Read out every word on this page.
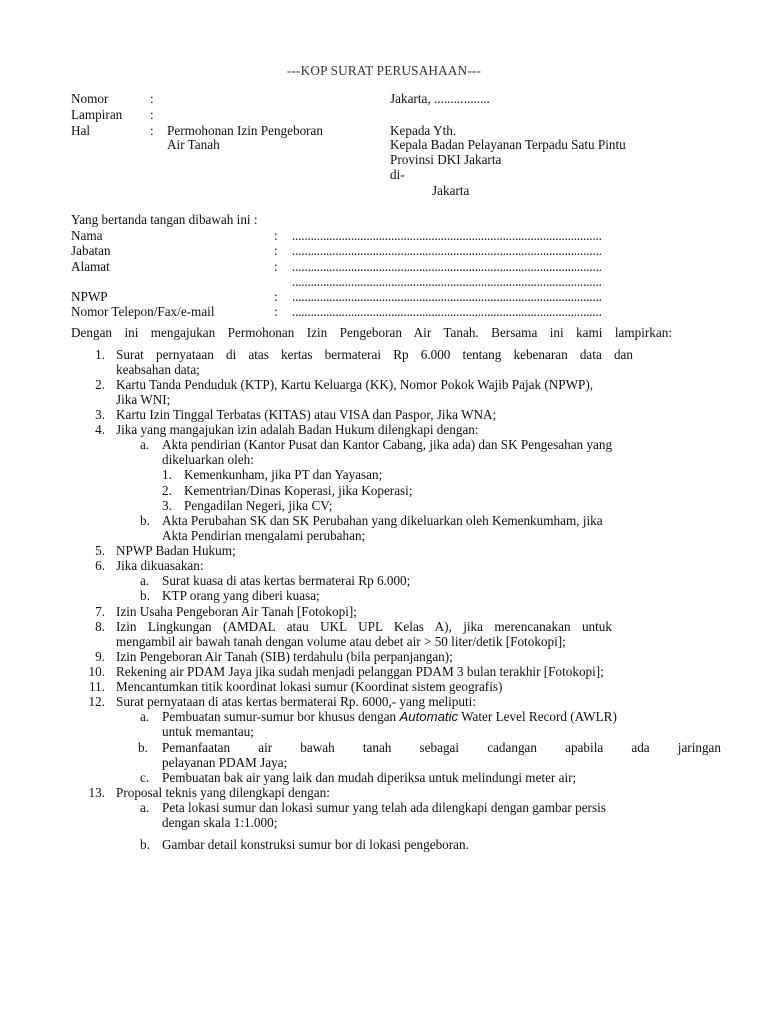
---KOP SURAT PERUSAHAAN---
Nomor	:
Lampiran :
Hal	: Permohonan Izin Pengeboran
Air Tanah
Jakarta, .................
Kepada Yth.
Kepala Badan Pelayanan Terpadu Satu Pintu
Provinsi DKI Jakarta
di-
Jakarta
Yang bertanda tangan dibawah ini :
Nama	: ....................................................................................................
Jabatan	: ....................................................................................................
Alamat	: ....................................................................................................
....................................................................................................
NPWP	: ....................................................................................................
Nomor Telepon/Fax/e-mail	: ....................................................................................................
Dengan ini mengajukan Permohonan Izin Pengeboran Air Tanah. Bersama ini kami lampirkan:
1. Surat pernyataan di atas kertas bermaterai Rp 6.000 tentang kebenaran data dan
keabsahan data;
2. Kartu Tanda Penduduk (KTP), Kartu Keluarga (KK), Nomor Pokok Wajib Pajak (NPWP),
Jika WNI;
3. Kartu Izin Tinggal Terbatas (KITAS) atau VISA dan Paspor, Jika WNA;
4. Jika yang mangajukan izin adalah Badan Hukum dilengkapi dengan:
a. Akta pendirian (Kantor Pusat dan Kantor Cabang, jika ada) dan SK Pengesahan yang
dikeluarkan oleh:
1. Kemenkunham, jika PT dan Yayasan;
2. Kementrian/Dinas Koperasi, jika Koperasi;
3. Pengadilan Negeri, jika CV;
b. Akta Perubahan SK dan SK Perubahan yang dikeluarkan oleh Kemenkumham, jika
Akta Pendirian mengalami perubahan;
5. NPWP Badan Hukum;
6. Jika dikuasakan:
a. Surat kuasa di atas kertas bermaterai Rp 6.000;
b. KTP orang yang diberi kuasa;
7. Izin Usaha Pengeboran Air Tanah [Fotokopi];
8. Izin Lingkungan (AMDAL atau UKL UPL Kelas A), jika merencanakan untuk
mengambil air bawah tanah dengan volume atau debet air > 50 liter/detik [Fotokopi];
9. Izin Pengeboran Air Tanah (SIB) terdahulu (bila perpanjangan);
10. Rekening air PDAM Jaya jika sudah menjadi pelanggan PDAM 3 bulan terakhir [Fotokopi];
11. Mencantumkan titik koordinat lokasi sumur (Koordinat sistem geografis)
12. Surat pernyataan di atas kertas bermaterai Rp. 6000,- yang meliputi:
a. Pembuatan sumur-sumur bor khusus dengan Automatic Water Level Record (AWLR)
untuk memantau;
b. Pemanfaatan air bawah tanah sebagai cadangan apabila ada jaringan
pelayanan PDAM Jaya;
c. Pembuatan bak air yang laik dan mudah diperiksa untuk melindungi meter air;
13. Proposal teknis yang dilengkapi dengan:
a. Peta lokasi sumur dan lokasi sumur yang telah ada dilengkapi dengan gambar persis
dengan skala 1:1.000;
b. Gambar detail konstruksi sumur bor di lokasi pengeboran.
